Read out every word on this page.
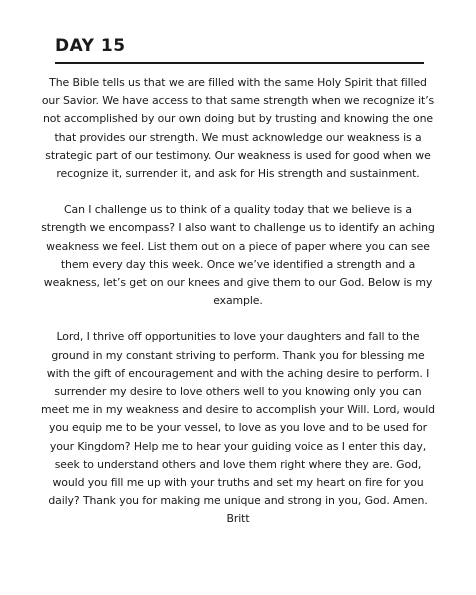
DAY 15

The Bible tells us that we are filled with the same Holy Spirit that filled our Savior. We have access to that same strength when we recognize it’s not accomplished by our own doing but by trusting and knowing the one that provides our strength. We must acknowledge our weakness is a strategic part of our testimony. Our weakness is used for good when we recognize it, surrender it, and ask for His strength and sustainment.

Can I challenge us to think of a quality today that we believe is a strength we encompass? I also want to challenge us to identify an aching weakness we feel. List them out on a piece of paper where you can see them every day this week. Once we’ve identified a strength and a weakness, let’s get on our knees and give them to our God. Below is my example.

Lord, I thrive off opportunities to love your daughters and fall to the ground in my constant striving to perform. Thank you for blessing me with the gift of encouragement and with the aching desire to perform. I surrender my desire to love others well to you knowing only you can meet me in my weakness and desire to accomplish your Will. Lord, would you equip me to be your vessel, to love as you love and to be used for your Kingdom? Help me to hear your guiding voice as I enter this day, seek to understand others and love them right where they are. God, would you fill me up with your truths and set my heart on fire for you daily? Thank you for making me unique and strong in you, God. Amen.
Britt
